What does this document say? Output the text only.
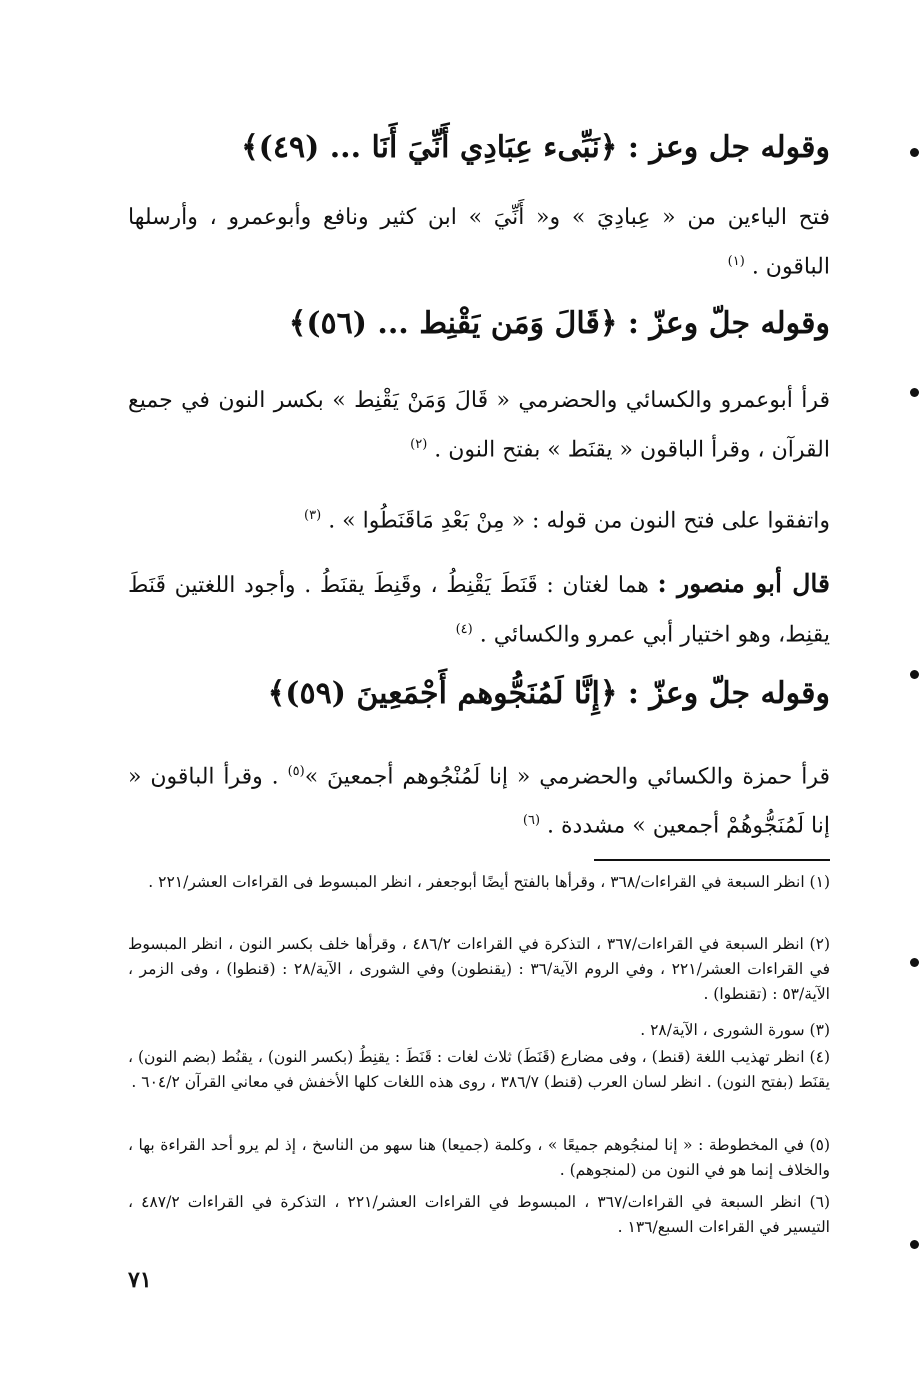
وقوله جل وعز : ﴿نَبِّىء عِبَادِي أَنِّيَ أَنَا ... (٤٩)﴾
فتح الياءين من « عِبادِيَ » و« أَنِّيَ » ابن كثير ونافع وأبوعمرو ، وأرسلها الباقون . $^{(١)}$
وقوله جلّ وعزّ : ﴿قَالَ وَمَن يَقْنِط ... (٥٦)﴾
قرأ أبوعمرو والكسائي والحضرمي « قَالَ وَمَنْ يَقْنِط » بكسر النون في جميع القرآن ، وقرأ الباقون « يقنَط » بفتح النون . $^{(٢)}$
واتفقوا على فتح النون من قوله : « مِنْ بَعْدِ مَاقَنَطُوا » . $^{(٣)}$
قال أبو منصور : هما لغتان : قَنَطَ يَقْنِطُ ، وقَنِطَ يقنَطُ . وأجود اللغتين قَنَطَ يقنِط، وهو اختيار أبي عمرو والكسائي . $^{(٤)}$
وقوله جلّ وعزّ : ﴿إِنَّا لَمُنَجُّوهم أَجْمَعِينَ (٥٩)﴾
قرأ حمزة والكسائي والحضرمي « إنا لَمُنْجُوهم أجمعينَ »$^{(٥)}$ . وقرأ الباقون « إنا لَمُنَجُّوهُمْ أجمعين » مشددة . $^{(٦)}$
(١) انظر السبعة في القراءات/٣٦٨ ، وقرأها بالفتح أيضًا أبوجعفر ، انظر المبسوط فى القراءات العشر/٢٢١ .
(٢) انظر السبعة في القراءات/٣٦٧ ، التذكرة في القراءات ٤٨٦/٢ ، وقرأها خلف بكسر النون ، انظر المبسوط في القراءات العشر/٢٢١ ، وفي الروم الآية/٣٦ : (يقنطون) وفي الشورى ، الآية/٢٨ : (قنطوا) ، وفى الزمر ، الآية/٥٣ : (تقنطوا) .
(٣) سورة الشورى ، الآية/٢٨ .
(٤) انظر تهذيب اللغة (قنط) ، وفى مضارع (قَنَطَ) ثلاث لغات : قَنَطَ : يقنِطُ (بكسر النون) ، يقنُط (بضم النون) ، يقنَط (بفتح النون) . انظر لسان العرب (قنط) ٣٨٦/٧ ، روى هذه اللغات كلها الأخفش في معاني القرآن ٦٠٤/٢ .
(٥) في المخطوطة : « إنا لمنجُوهم جميعًا » ، وكلمة (جميعا) هنا سهو من الناسخ ، إذ لم يرو أحد القراءة بها ، والخلاف إنما هو في النون من (لمنجوهم) .
(٦) انظر السبعة في القراءات/٣٦٧ ، المبسوط في القراءات العشر/٢٢١ ، التذكرة في القراءات ٤٨٧/٢ ، التيسير في القراءات السبع/١٣٦ .
٧١
